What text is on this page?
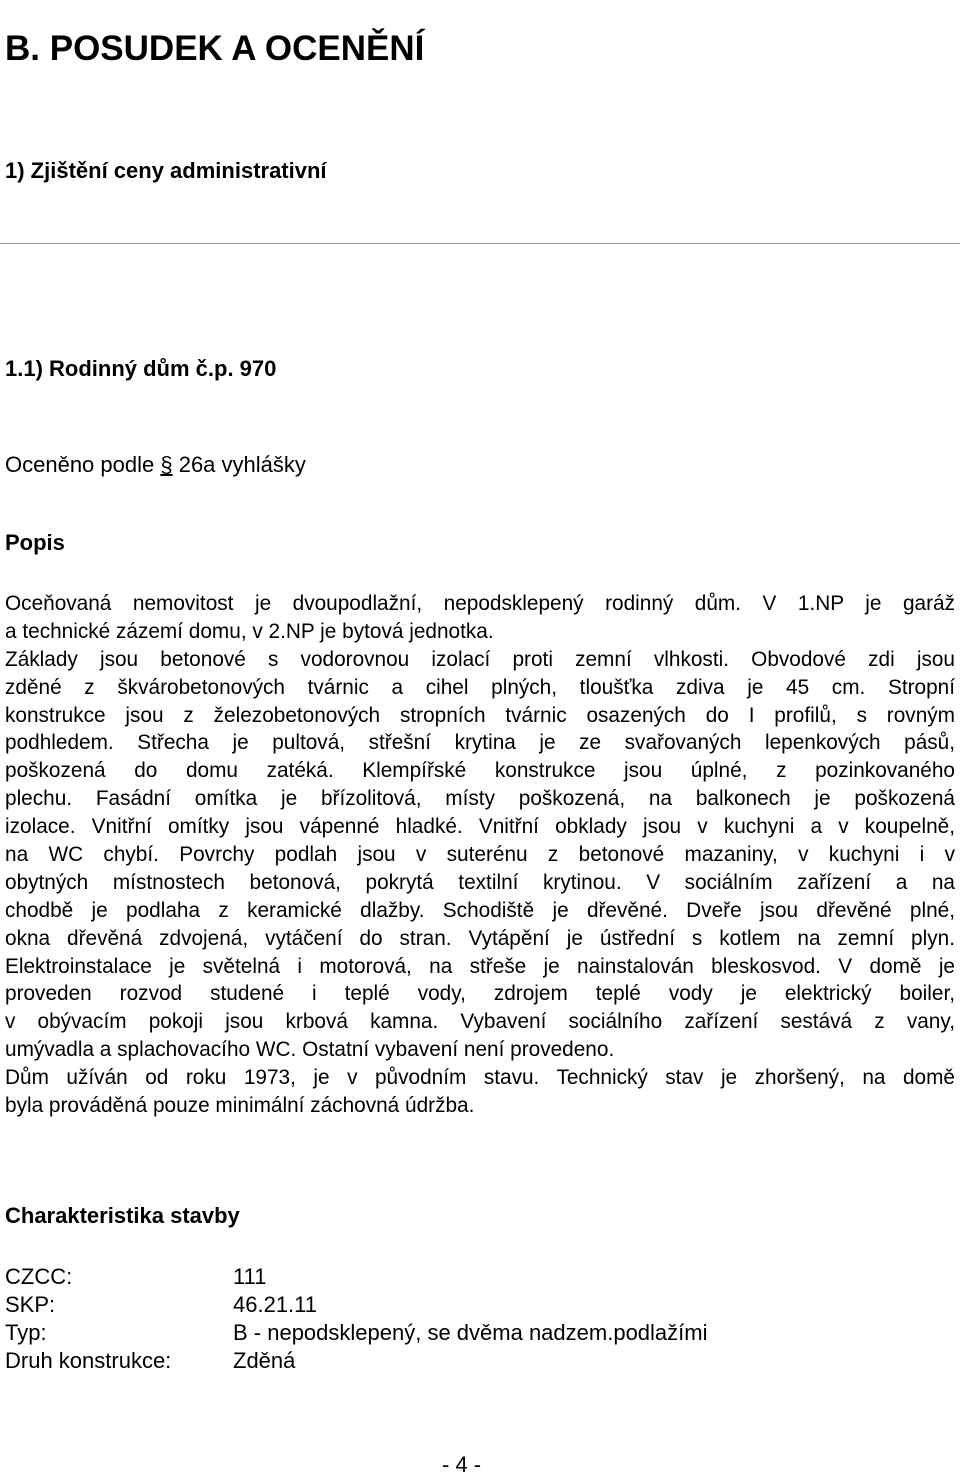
B. POSUDEK A OCENĚNÍ
1) Zjištění ceny administrativní
1.1) Rodinný dům č.p. 970

Oceněno podle § 26a vyhlášky

Popis
Oceňovaná nemovitost je dvoupodlažní, nepodsklepený rodinný dům. V 1.NP je garáž
a technické zázemí domu, v 2.NP je bytová jednotka.
Základy jsou betonové s vodorovnou izolací proti zemní vlhkosti. Obvodové zdi jsou
zděné z škvárobetonových tvárnic a cihel plných, tloušťka zdiva je 45 cm. Stropní
konstrukce jsou z železobetonových stropních tvárnic osazených do I profilů, s rovným
podhledem. Střecha je pultová, střešní krytina je ze svařovaných lepenkových pásů,
poškozená do domu zatéká. Klempířské konstrukce jsou úplné, z pozinkovaného
plechu. Fasádní omítka je břízolitová, místy poškozená, na balkonech je poškozená
izolace. Vnitřní omítky jsou vápenné hladké. Vnitřní obklady jsou v kuchyni a v koupelně,
na WC chybí. Povrchy podlah jsou v suterénu z betonové mazaniny, v kuchyni i v
obytných místnostech betonová, pokrytá textilní krytinou. V sociálním zařízení a na
chodbě je podlaha z keramické dlažby. Schodiště je dřevěné. Dveře jsou dřevěné plné,
okna dřevěná zdvojená, vytáčení do stran. Vytápění je ústřední s kotlem na zemní plyn.
Elektroinstalace je světelná i motorová, na střeše je nainstalován bleskosvod. V domě je
proveden rozvod studené i teplé vody, zdrojem teplé vody je elektrický boiler,
v obývacím pokoji jsou krbová kamna. Vybavení sociálního zařízení sestává z vany,
umývadla a splachovacího WC. Ostatní vybavení není provedeno.
Dům užíván od roku 1973, je v původním stavu. Technický stav je zhoršený, na domě
byla prováděná pouze minimální záchovná údržba.
Charakteristika stavby
CZCC:	111
SKP:	46.21.11
Typ:	B - nepodsklepený, se dvěma nadzem.podlažími
Druh konstrukce:	Zděná
- 4 -
